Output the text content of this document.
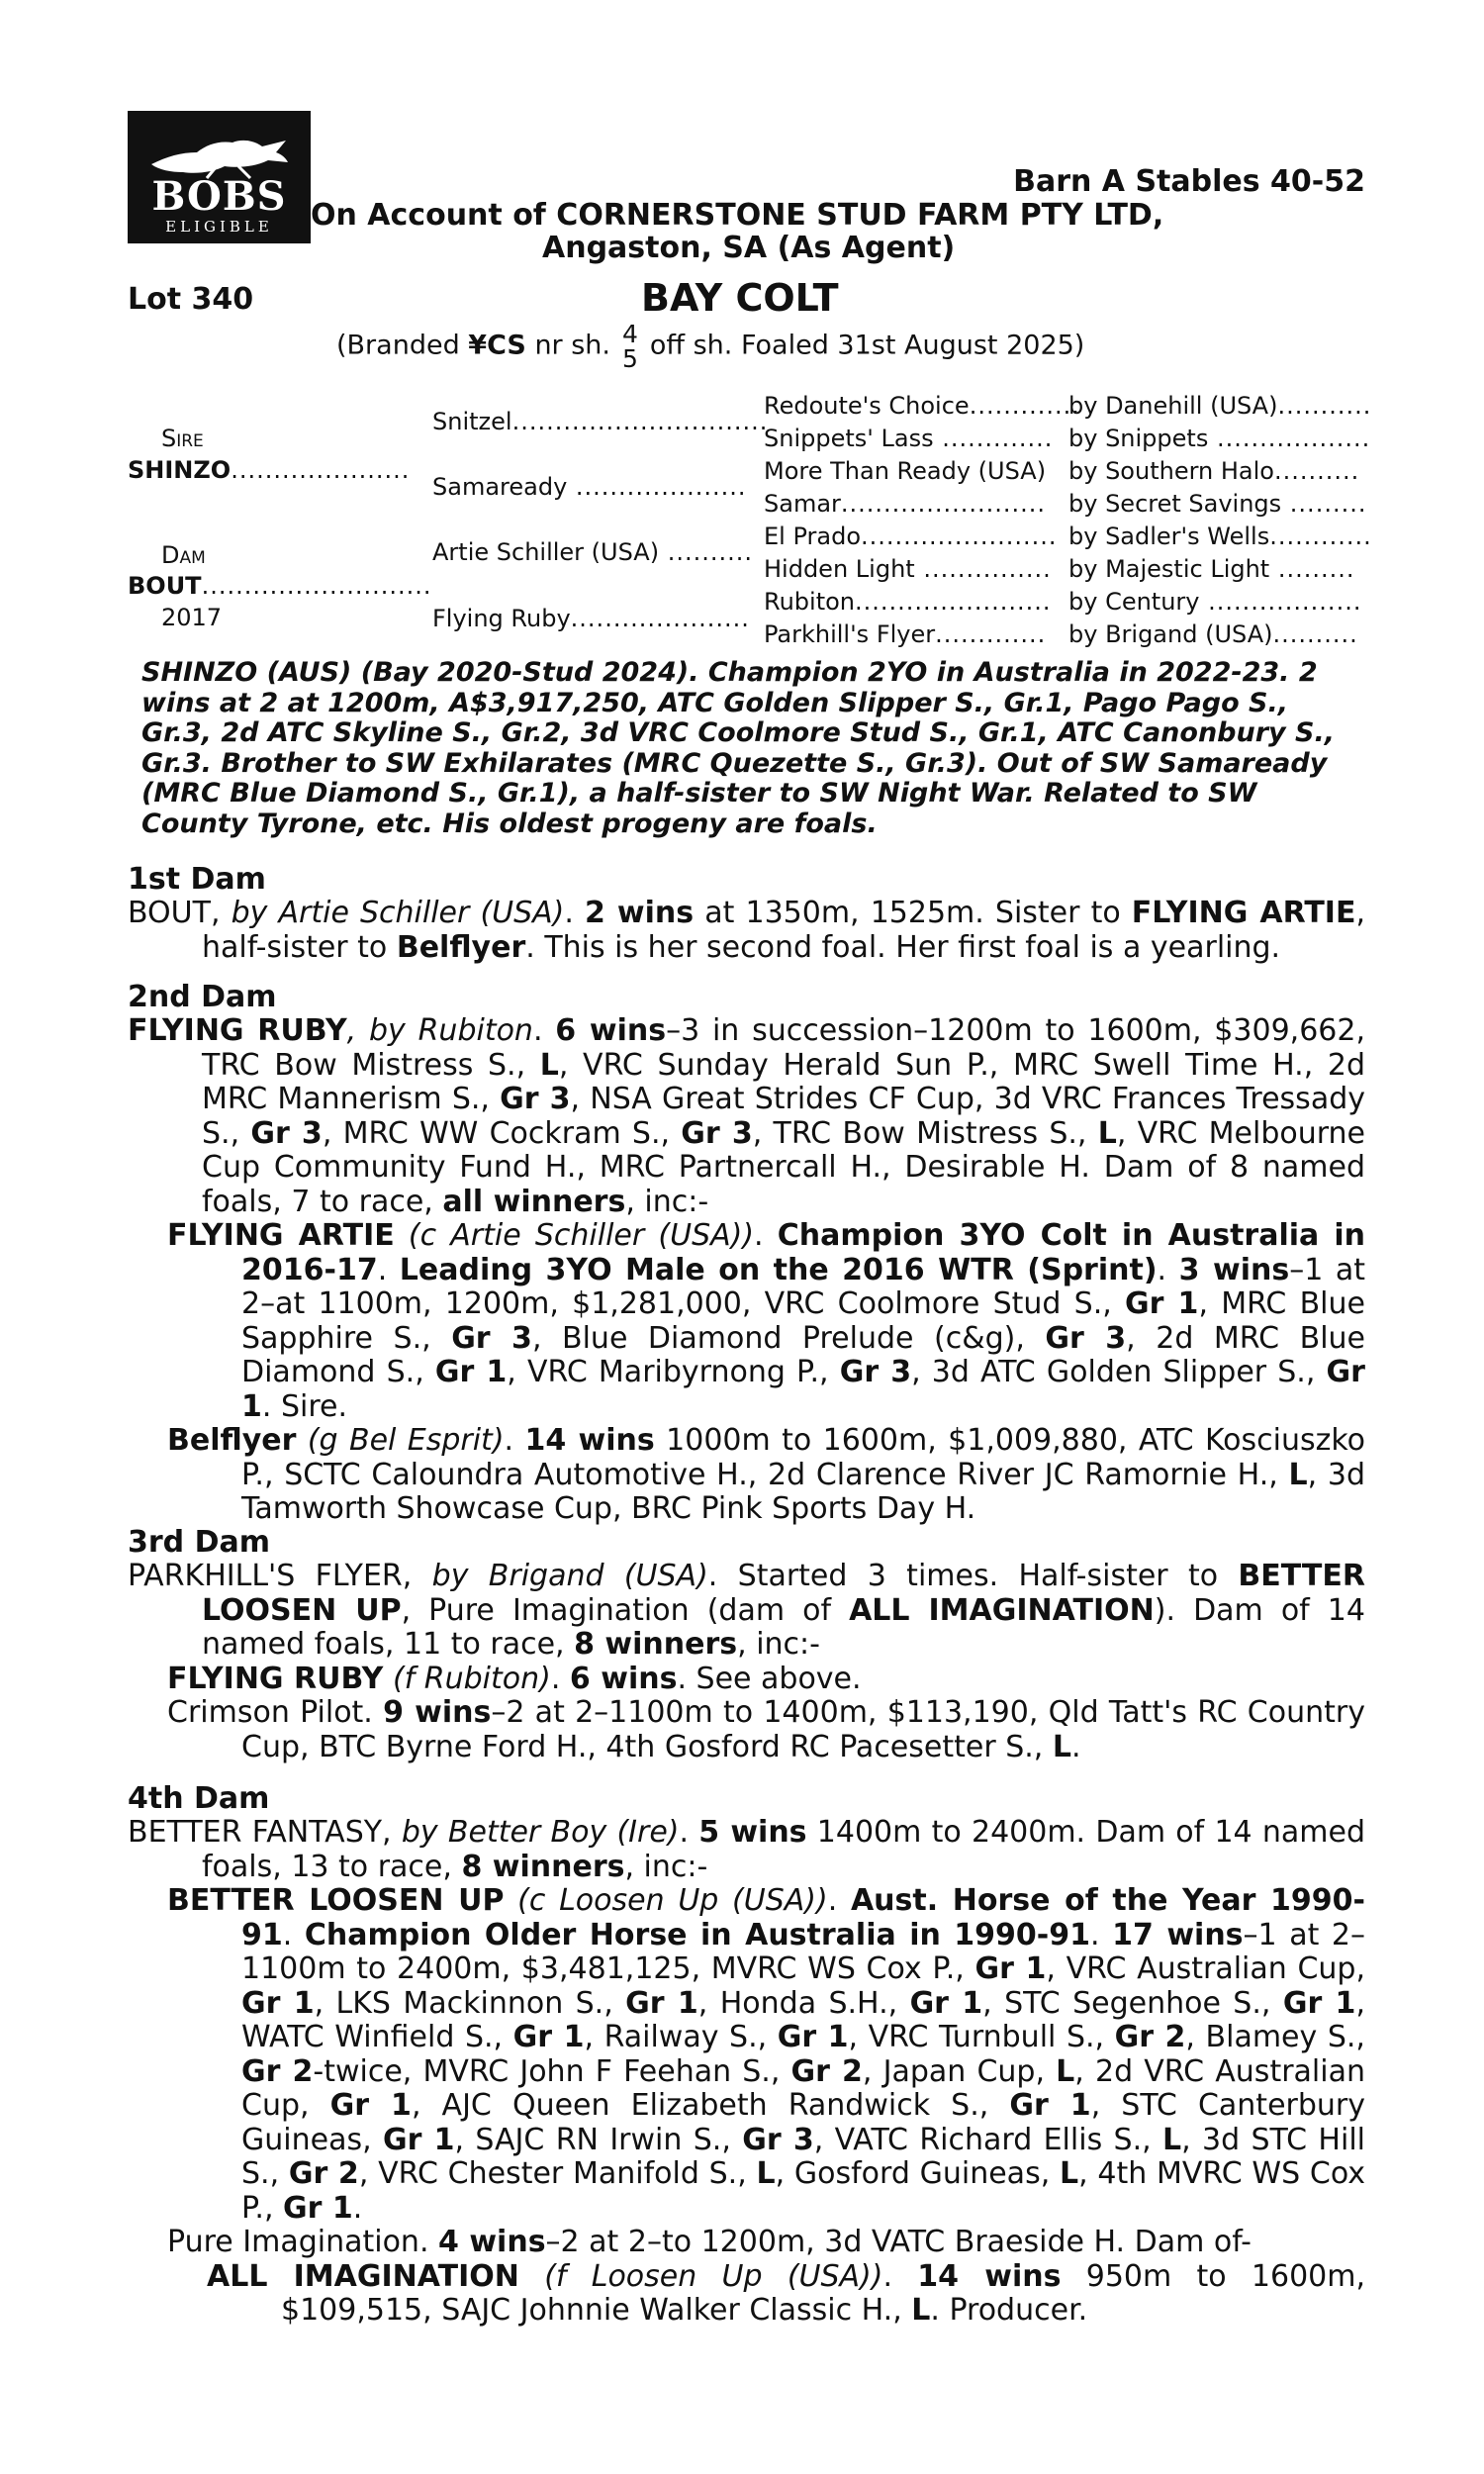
BOBS
ELIGIBLE
Barn A Stables 40-52
On Account of CORNERSTONE STUD FARM PTY LTD,
Angaston, SA (As Agent)
Lot 340	BAY COLT
(Branded ¥CS nr sh. 4
5 off sh. Foaled 31st August 2025)
Sire
SHINZO.....................
Dam
BOUT...........................
2017
Snitzel..............................
Samaready ....................
Artie Schiller (USA) ..........
Flying Ruby.....................
Redoute's Choice.............
Snippets' Lass .............
More Than Ready (USA)
Samar........................
El Prado.......................
Hidden Light ...............
Rubiton.......................
Parkhill's Flyer.............
by Danehill (USA)...........
by Snippets ..................
by Southern Halo..........
by Secret Savings .........
by Sadler's Wells............
by Majestic Light .........
by Century ..................
by Brigand (USA)..........

SHINZO (AUS) (Bay 2020-Stud 2024). Champion 2YO in Australia in 2022-23. 2

wins at 2 at 1200m, A$3,917,250, ATC Golden Slipper S., Gr.1, Pago Pago S.,

Gr.3, 2d ATC Skyline S., Gr.2, 3d VRC Coolmore Stud S., Gr.1, ATC Canonbury S.,

Gr.3. Brother to SW Exhilarates (MRC Quezette S., Gr.3). Out of SW Samaready

(MRC Blue Diamond S., Gr.1), a half-sister to SW Night War. Related to SW

County Tyrone, etc. His oldest progeny are foals.

1st Dam

BOUT, by Artie Schiller (USA). 2 wins at 1350m, 1525m. Sister to FLYING ARTIE, half-sister to Belflyer. This is her second foal. Her first foal is a yearling.

2nd Dam

FLYING RUBY, by Rubiton. 6 wins–3 in succession–1200m to 1600m, $309,662, TRC Bow Mistress S., L, VRC Sunday Herald Sun P., MRC Swell Time H., 2d MRC Mannerism S., Gr 3, NSA Great Strides CF Cup, 3d VRC Frances Tressady S., Gr 3, MRC WW Cockram S., Gr 3, TRC Bow Mistress S., L, VRC Melbourne Cup Community Fund H., MRC Partnercall H., Desirable H. Dam of 8 named foals, 7 to race, all winners, inc:-

FLYING ARTIE (c Artie Schiller (USA)). Champion 3YO Colt in Australia in 2016-17. Leading 3YO Male on the 2016 WTR (Sprint). 3 wins–1 at 2–at 1100m, 1200m, $1,281,000, VRC Coolmore Stud S., Gr 1, MRC Blue Sapphire S., Gr 3, Blue Diamond Prelude (c&g), Gr 3, 2d MRC Blue Diamond S., Gr 1, VRC Maribyrnong P., Gr 3, 3d ATC Golden Slipper S., Gr 1. Sire.

Belflyer (g Bel Esprit). 14 wins 1000m to 1600m, $1,009,880, ATC Kosciuszko P., SCTC Caloundra Automotive H., 2d Clarence River JC Ramornie H., L, 3d Tamworth Showcase Cup, BRC Pink Sports Day H.

3rd Dam

PARKHILL'S FLYER, by Brigand (USA). Started 3 times. Half-sister to BETTER LOOSEN UP, Pure Imagination (dam of ALL IMAGINATION). Dam of 14 named foals, 11 to race, 8 winners, inc:-

FLYING RUBY (f Rubiton). 6 wins. See above.

Crimson Pilot. 9 wins–2 at 2–1100m to 1400m, $113,190, Qld Tatt's RC Country Cup, BTC Byrne Ford H., 4th Gosford RC Pacesetter S., L.

4th Dam

BETTER FANTASY, by Better Boy (Ire). 5 wins 1400m to 2400m. Dam of 14 named foals, 13 to race, 8 winners, inc:-

BETTER LOOSEN UP (c Loosen Up (USA)). Aust. Horse of the Year 1990-91. Champion Older Horse in Australia in 1990-91. 17 wins–1 at 2–1100m to 2400m, $3,481,125, MVRC WS Cox P., Gr 1, VRC Australian Cup, Gr 1, LKS Mackinnon S., Gr 1, Honda S.H., Gr 1, STC Segenhoe S., Gr 1, WATC Winfield S., Gr 1, Railway S., Gr 1, VRC Turnbull S., Gr 2, Blamey S., Gr 2-twice, MVRC John F Feehan S., Gr 2, Japan Cup, L, 2d VRC Australian Cup, Gr 1, AJC Queen Elizabeth Randwick S., Gr 1, STC Canterbury Guineas, Gr 1, SAJC RN Irwin S., Gr 3, VATC Richard Ellis S., L, 3d STC Hill S., Gr 2, VRC Chester Manifold S., L, Gosford Guineas, L, 4th MVRC WS Cox P., Gr 1.

Pure Imagination. 4 wins–2 at 2–to 1200m, 3d VATC Braeside H. Dam of-

ALL IMAGINATION (f Loosen Up (USA)). 14 wins 950m to 1600m, $109,515, SAJC Johnnie Walker Classic H., L. Producer.
